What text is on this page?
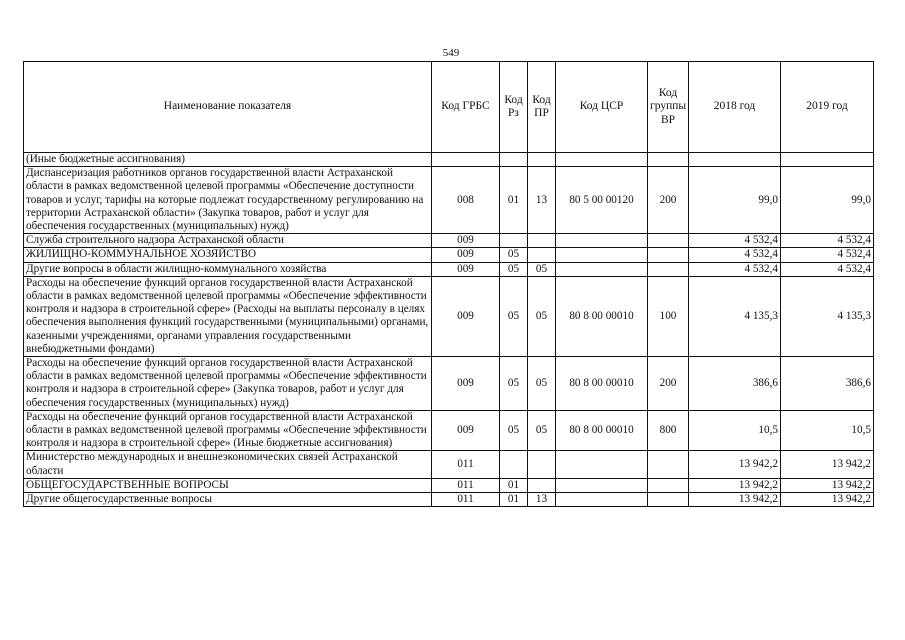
549
Наименование показателя	Код ГРБС	Код Рз	Код ПР	Код ЦСР	Код группы ВР	2018 год	2019 год
(Иные бюджетные ассигнования)							
Диспансеризация работников органов государственной власти Астраханской области в рамках ведомственной целевой программы «Обеспечение доступности товаров и услуг, тарифы на которые подлежат государственному регулированию на территории Астраханской области» (Закупка товаров, работ и услуг для обеспечения государственных (муниципальных) нужд)	008	01	13	80 5 00 00120	200	99,0	99,0
Служба строительного надзора Астраханской области	009					4 532,4	4 532,4
ЖИЛИЩНО-КОММУНАЛЬНОЕ ХОЗЯЙСТВО	009	05				4 532,4	4 532,4
Другие вопросы в области жилищно-коммунального хозяйства	009	05	05			4 532,4	4 532,4
Расходы на обеспечение функций органов государственной власти Астраханской области в рамках ведомственной целевой программы «Обеспечение эффективности контроля и надзора в строительной сфере» (Расходы на выплаты персоналу в целях обеспечения выполнения функций государственными (муниципальными) органами, казенными учреждениями, органами управления государственными внебюджетными фондами)	009	05	05	80 8 00 00010	100	4 135,3	4 135,3
Расходы на обеспечение функций органов государственной власти Астраханской области в рамках ведомственной целевой программы «Обеспечение эффективности контроля и надзора в строительной сфере» (Закупка товаров, работ и услуг для обеспечения государственных (муниципальных) нужд)	009	05	05	80 8 00 00010	200	386,6	386,6
Расходы на обеспечение функций органов государственной власти Астраханской области в рамках ведомственной целевой программы «Обеспечение эффективности контроля и надзора в строительной сфере» (Иные бюджетные ассигнования)	009	05	05	80 8 00 00010	800	10,5	10,5
Министерство международных и внешнеэкономических связей Астраханской области	011					13 942,2	13 942,2
ОБЩЕГОСУДАРСТВЕННЫЕ ВОПРОСЫ	011	01				13 942,2	13 942,2
Другие общегосударственные вопросы	011	01	13			13 942,2	13 942,2
